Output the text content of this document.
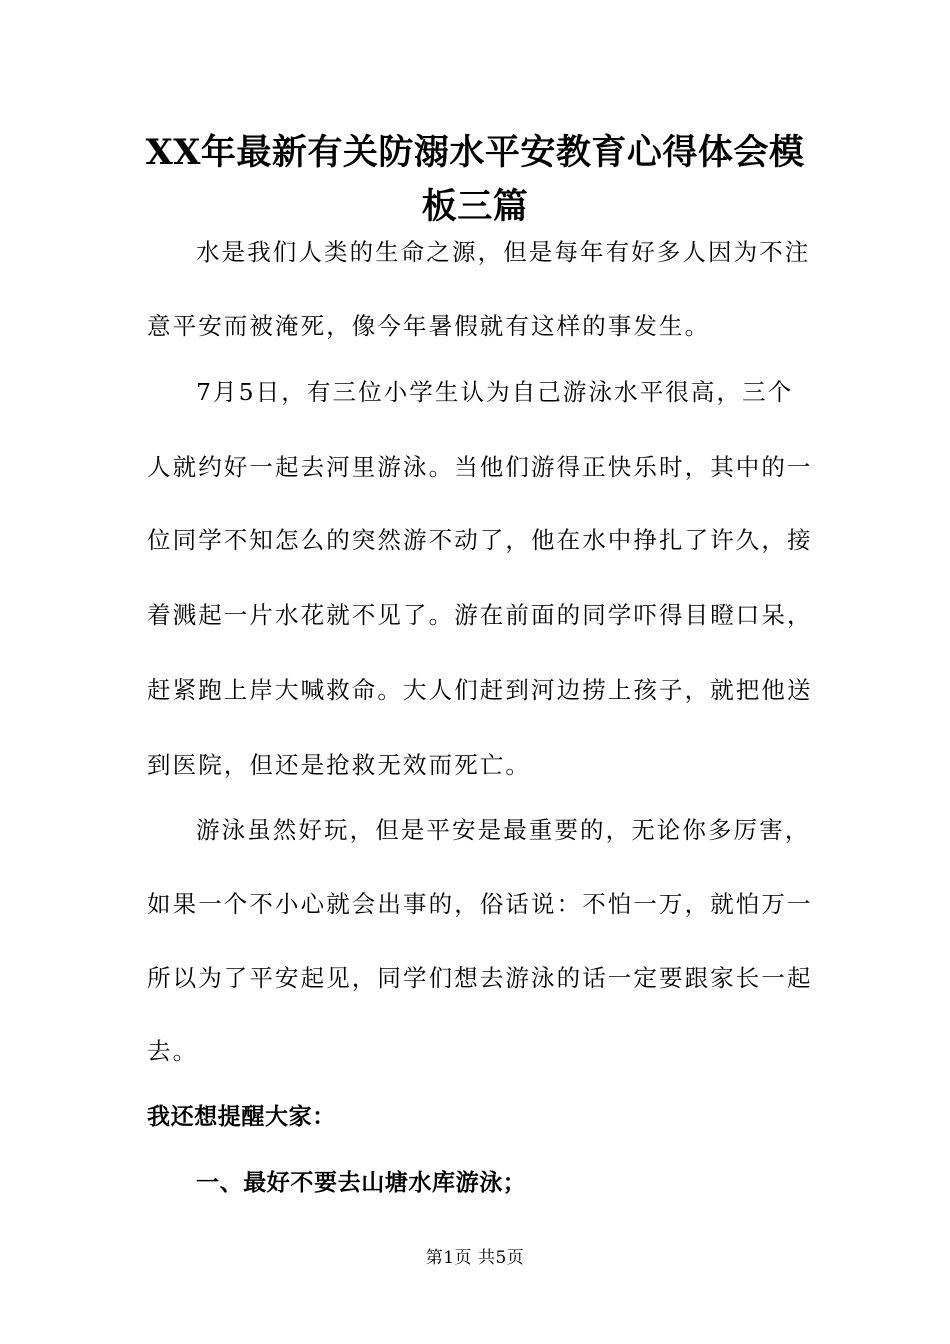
XX年最新有关防溺水平安教育心得体会模
板三篇
水是我们人类的生命之源，但是每年有好多人因为不注
意平安而被淹死，像今年暑假就有这样的事发生。
7月5日，有三位小学生认为自己游泳水平很高，三个
人就约好一起去河里游泳。当他们游得正快乐时，其中的一
位同学不知怎么的突然游不动了，他在水中挣扎了许久，接
着溅起一片水花就不见了。游在前面的同学吓得目瞪口呆，
赶紧跑上岸大喊救命。大人们赶到河边捞上孩子，就把他送
到医院，但还是抢救无效而死亡。
游泳虽然好玩，但是平安是最重要的，无论你多厉害，
如果一个不小心就会出事的，俗话说：不怕一万，就怕万一
所以为了平安起见，同学们想去游泳的话一定要跟家长一起
去。
我还想提醒大家：
一、最好不要去山塘水库游泳；
第1页 共5页
